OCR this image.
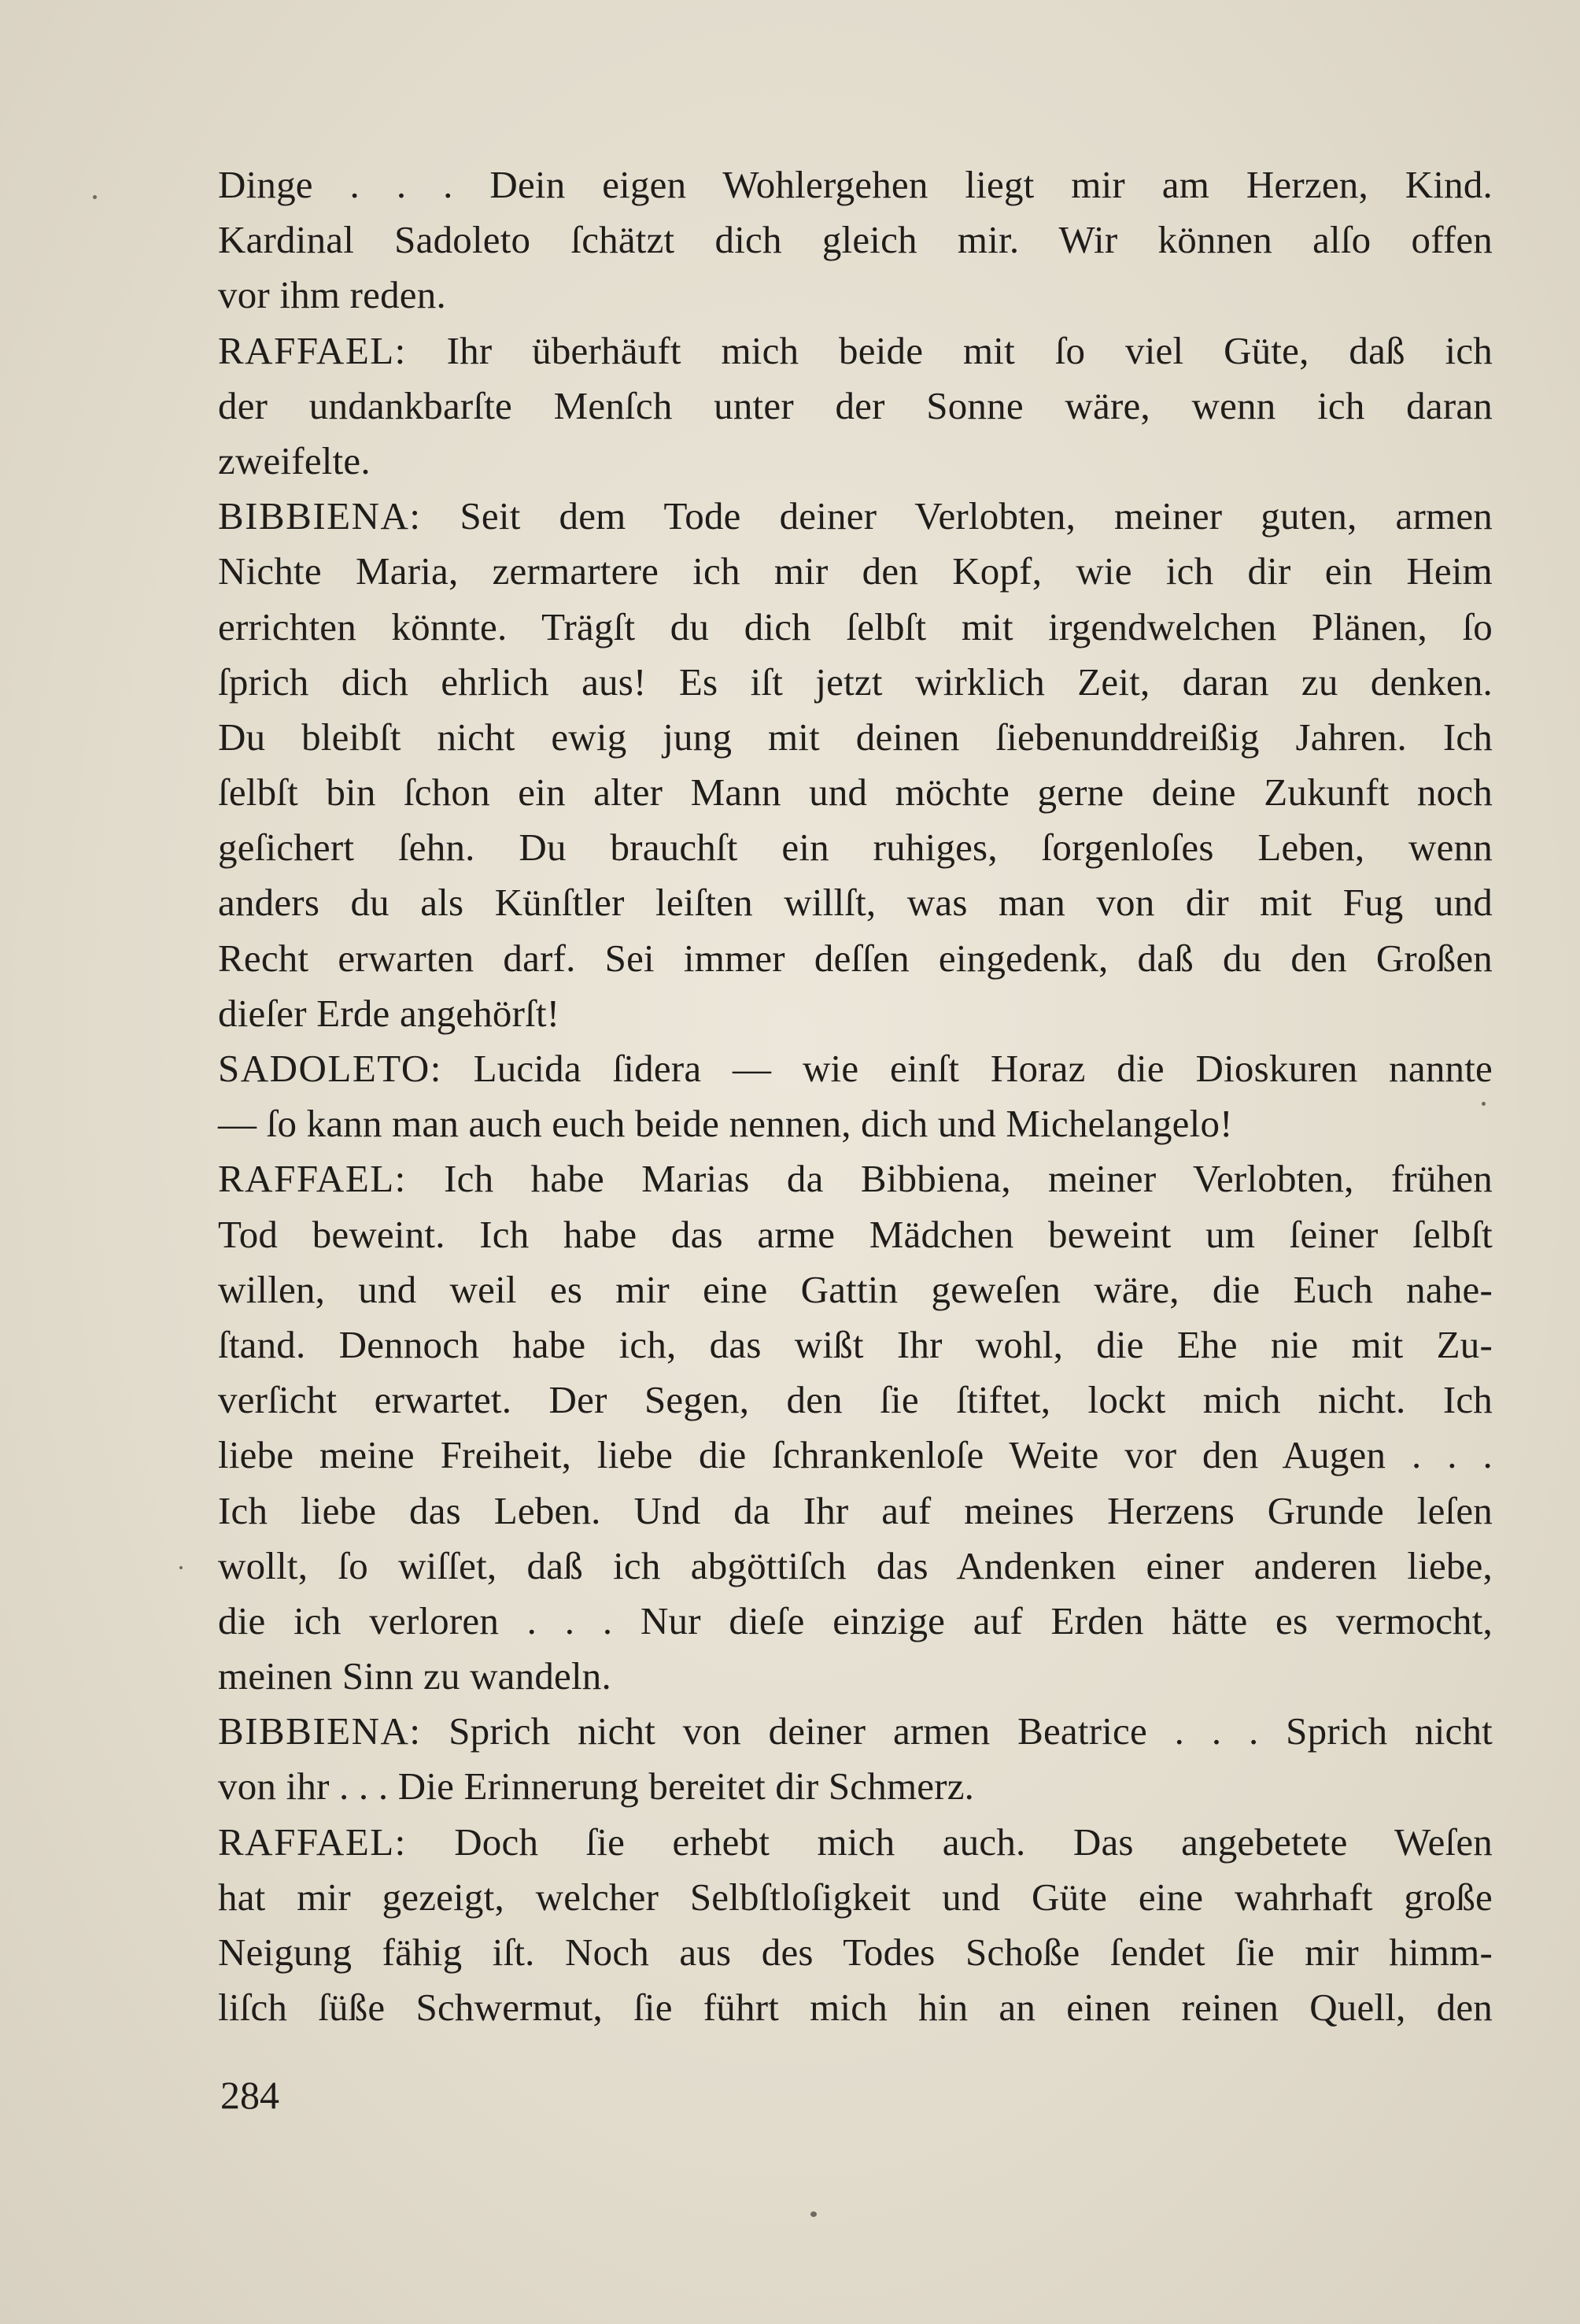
Dinge . . . Dein eigen Wohlergehen liegt mir am Herzen, Kind.
Kardinal Sadoleto ſchätzt dich gleich mir. Wir können alſo offen
vor ihm reden.
RAFFAEL: Ihr überhäuft mich beide mit ſo viel Güte, daß ich
der undankbarſte Menſch unter der Sonne wäre, wenn ich daran
zweifelte.
BIBBIENA: Seit dem Tode deiner Verlobten, meiner guten, armen
Nichte Maria, zermartere ich mir den Kopf, wie ich dir ein Heim
errichten könnte. Trägſt du dich ſelbſt mit irgendwelchen Plänen, ſo
ſprich dich ehrlich aus! Es iſt jetzt wirklich Zeit, daran zu denken.
Du bleibſt nicht ewig jung mit deinen ſiebenunddreißig Jahren. Ich
ſelbſt bin ſchon ein alter Mann und möchte gerne deine Zukunft noch
geſichert ſehn. Du brauchſt ein ruhiges, ſorgenloſes Leben, wenn
anders du als Künſtler leiſten willſt, was man von dir mit Fug und
Recht erwarten darf. Sei immer deſſen eingedenk, daß du den Großen
dieſer Erde angehörſt!
SADOLETO: Lucida ſidera — wie einſt Horaz die Dioskuren nannte
— ſo kann man auch euch beide nennen, dich und Michelangelo!
RAFFAEL: Ich habe Marias da Bibbiena, meiner Verlobten, frühen
Tod beweint. Ich habe das arme Mädchen beweint um ſeiner ſelbſt
willen, und weil es mir eine Gattin geweſen wäre, die Euch nahe-
ſtand. Dennoch habe ich, das wißt Ihr wohl, die Ehe nie mit Zu-
verſicht erwartet. Der Segen, den ſie ſtiftet, lockt mich nicht. Ich
liebe meine Freiheit, liebe die ſchrankenloſe Weite vor den Augen . . .
Ich liebe das Leben. Und da Ihr auf meines Herzens Grunde leſen
wollt, ſo wiſſet, daß ich abgöttiſch das Andenken einer anderen liebe,
die ich verloren . . . Nur dieſe einzige auf Erden hätte es vermocht,
meinen Sinn zu wandeln.
BIBBIENA: Sprich nicht von deiner armen Beatrice . . . Sprich nicht
von ihr . . . Die Erinnerung bereitet dir Schmerz.
RAFFAEL: Doch ſie erhebt mich auch. Das angebetete Weſen
hat mir gezeigt, welcher Selbſtloſigkeit und Güte eine wahrhaft große
Neigung fähig iſt. Noch aus des Todes Schoße ſendet ſie mir himm-
liſch ſüße Schwermut, ſie führt mich hin an einen reinen Quell, den
284
